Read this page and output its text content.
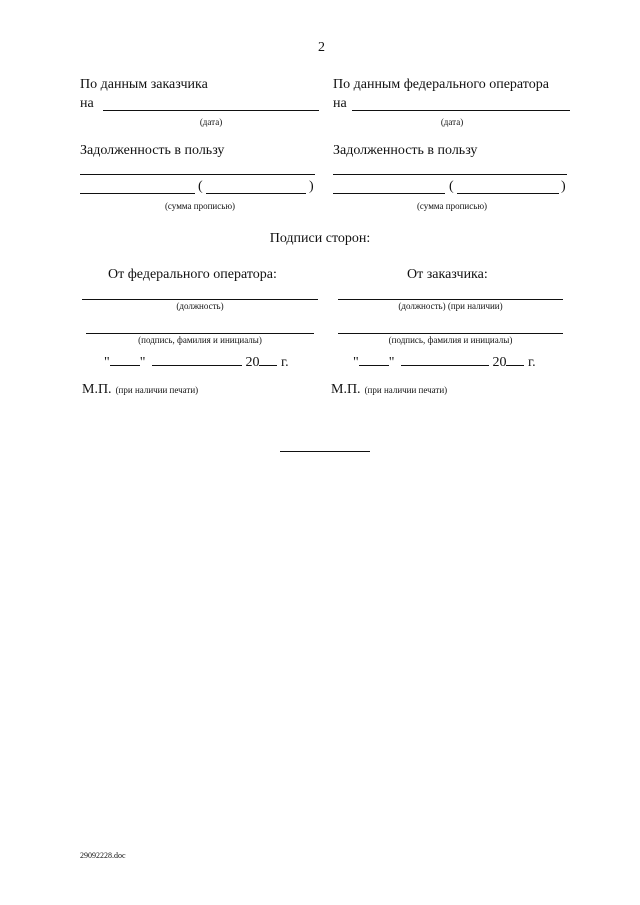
2
По данным заказчика
на
(дата)
Задолженность в пользу
(	)
(сумма прописью)
По данным федерального оператора
на
(дата)
Задолженность в пользу
(	)
(сумма прописью)
Подписи сторон:
От федерального оператора:
(должность)
(подпись, фамилия и инициалы)
" "	20 г.
М.П. (при наличии печати)
От заказчика:
(должность) (при наличии)
(подпись, фамилия и инициалы)
" "	20 г.
М.П. (при наличии печати)
29092228.doc
